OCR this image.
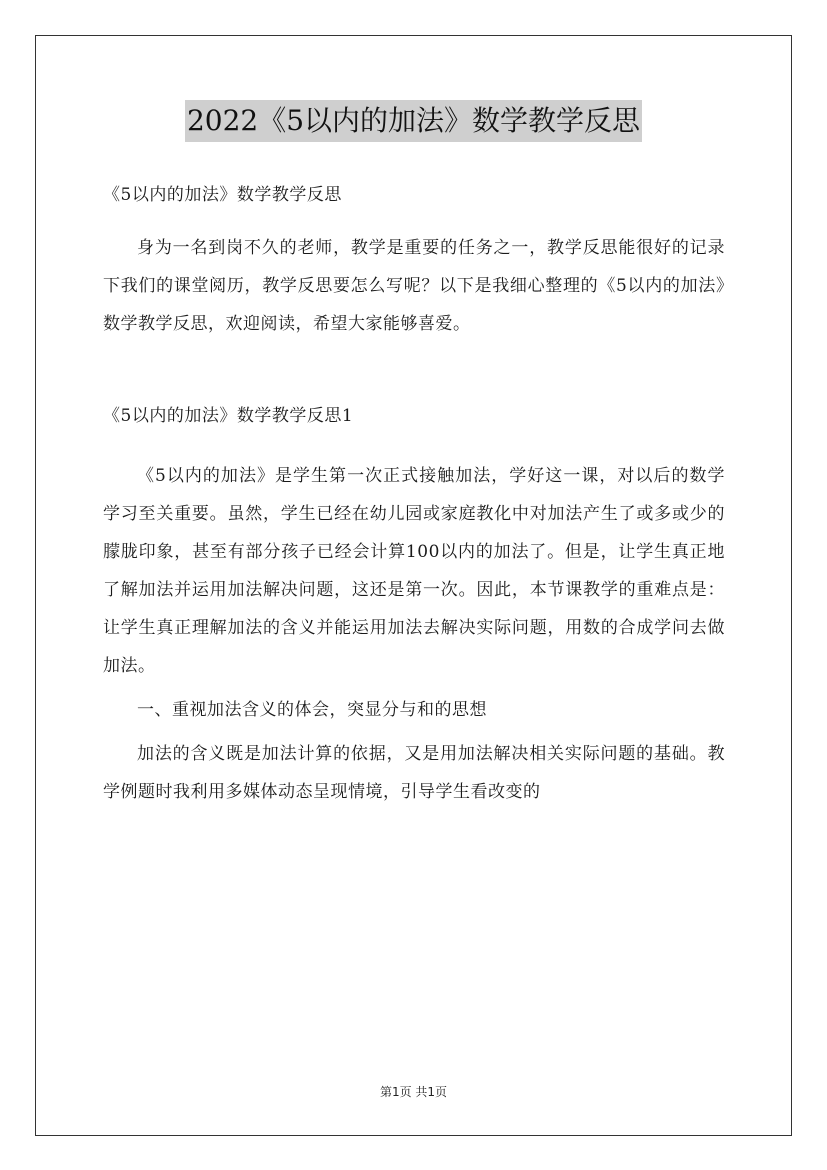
2022《5以内的加法》数学教学反思

《5以内的加法》数学教学反思

身为一名到岗不久的老师，教学是重要的任务之一，教学反思能很好的记录下我们的课堂阅历，教学反思要怎么写呢？以下是我细心整理的《5以内的加法》数学教学反思，欢迎阅读，希望大家能够喜爱。

《5以内的加法》数学教学反思1

《5以内的加法》是学生第一次正式接触加法，学好这一课，对以后的数学学习至关重要。虽然，学生已经在幼儿园或家庭教化中对加法产生了或多或少的朦胧印象，甚至有部分孩子已经会计算100以内的加法了。但是，让学生真正地了解加法并运用加法解决问题，这还是第一次。因此，本节课教学的重难点是：让学生真正理解加法的含义并能运用加法去解决实际问题，用数的合成学问去做加法。

一、重视加法含义的体会，突显分与和的思想

加法的含义既是加法计算的依据，又是用加法解决相关实际问题的基础。教学例题时我利用多媒体动态呈现情境，引导学生看改变的

第1页 共1页
